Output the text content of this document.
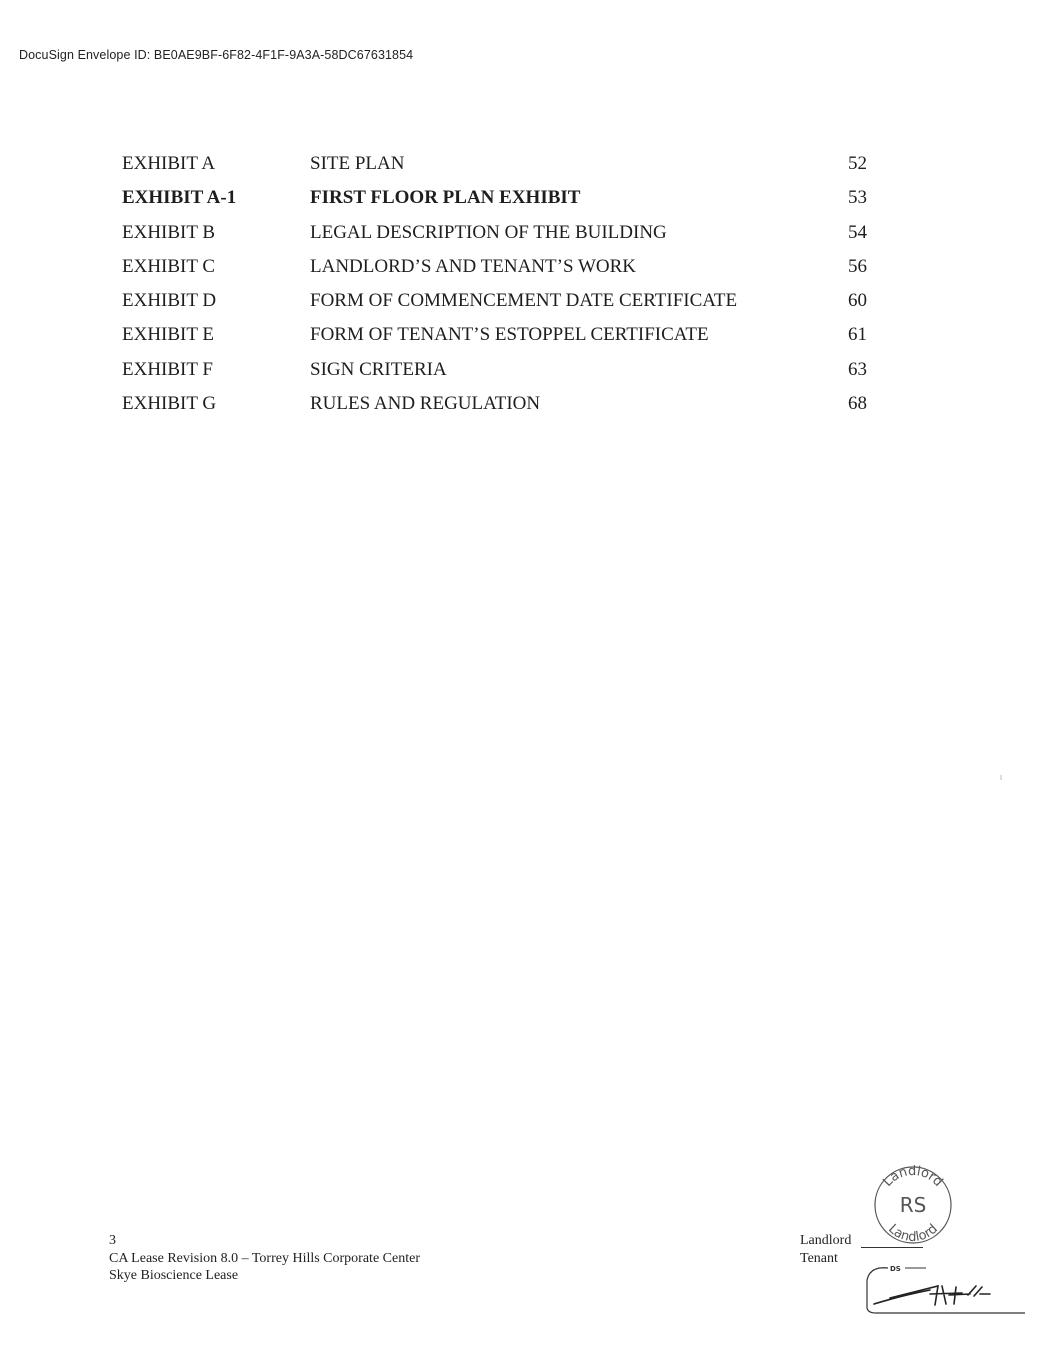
DocuSign Envelope ID: BE0AE9BF-6F82-4F1F-9A3A-58DC67631854
EXHIBIT A	SITE PLAN	52
EXHIBIT A-1	FIRST FLOOR PLAN EXHIBIT	53
EXHIBIT B	LEGAL DESCRIPTION OF THE BUILDING	54
EXHIBIT C	LANDLORD’S AND TENANT’S WORK	56
EXHIBIT D	FORM OF COMMENCEMENT DATE CERTIFICATE	60
EXHIBIT E	FORM OF TENANT’S ESTOPPEL CERTIFICATE	61
EXHIBIT F	SIGN CRITERIA	63
EXHIBIT G	RULES AND REGULATION	68
3
CA Lease Revision 8.0 – Torrey Hills Corporate Center
Skye Bioscience Lease
Landlord
Tenant
Landlord
Landlord
RS
DS
